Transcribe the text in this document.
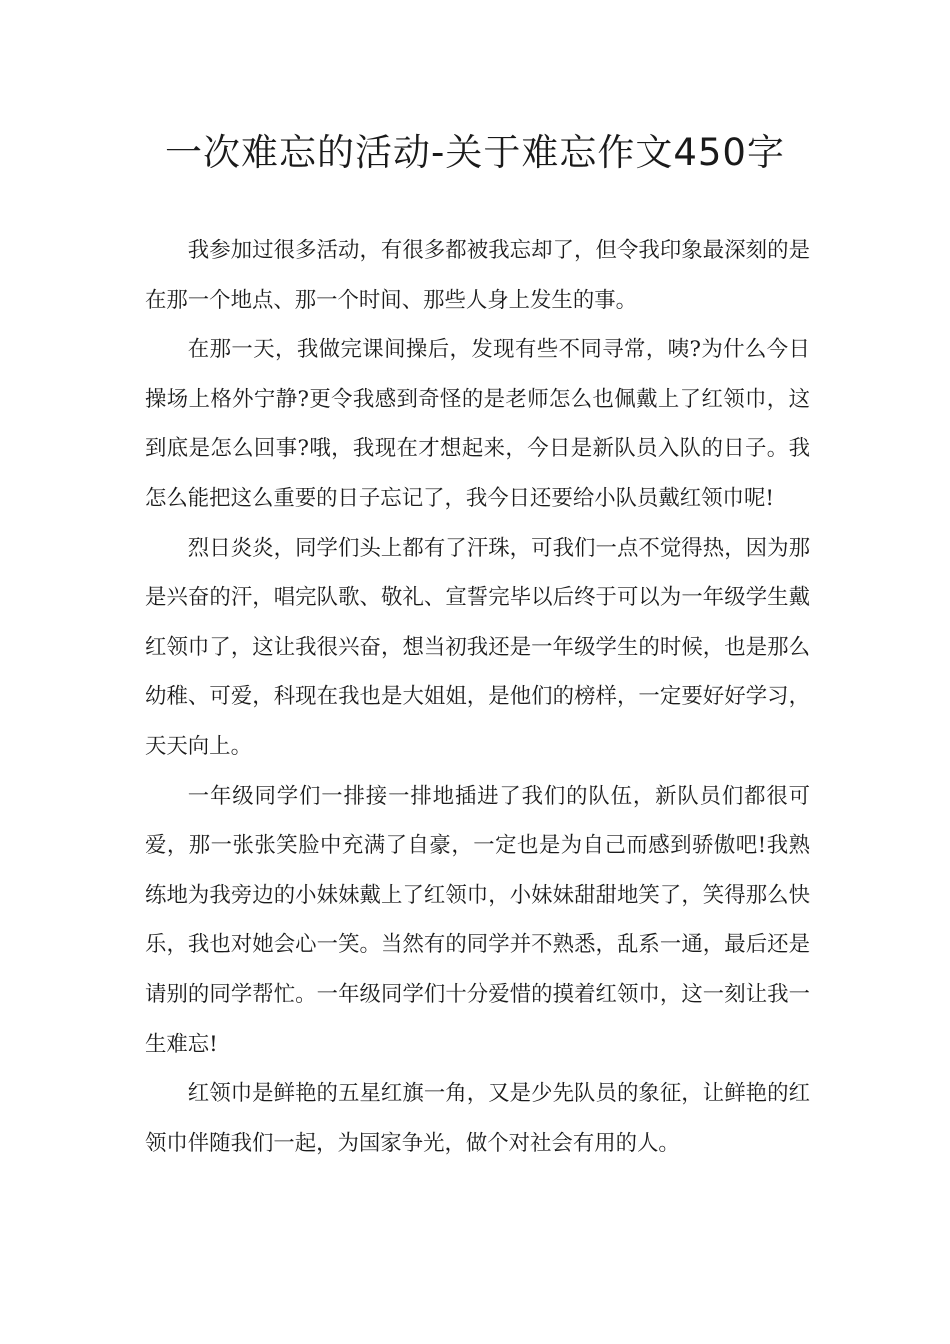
一次难忘的活动-关于难忘作文450字

我参加过很多活动，有很多都被我忘却了，但令我印象最深刻的是在那一个地点、那一个时间、那些人身上发生的事。

在那一天，我做完课间操后，发现有些不同寻常，咦?为什么今日操场上格外宁静?更令我感到奇怪的是老师怎么也佩戴上了红领巾，这到底是怎么回事?哦，我现在才想起来，今日是新队员入队的日子。我怎么能把这么重要的日子忘记了，我今日还要给小队员戴红领巾呢!

烈日炎炎，同学们头上都有了汗珠，可我们一点不觉得热，因为那是兴奋的汗，唱完队歌、敬礼、宣誓完毕以后终于可以为一年级学生戴红领巾了，这让我很兴奋，想当初我还是一年级学生的时候，也是那么幼稚、可爱，科现在我也是大姐姐，是他们的榜样，一定要好好学习，天天向上。

一年级同学们一排接一排地插进了我们的队伍，新队员们都很可爱，那一张张笑脸中充满了自豪，一定也是为自己而感到骄傲吧!我熟练地为我旁边的小妹妹戴上了红领巾，小妹妹甜甜地笑了，笑得那么快乐，我也对她会心一笑。当然有的同学并不熟悉，乱系一通，最后还是请别的同学帮忙。一年级同学们十分爱惜的摸着红领巾，这一刻让我一生难忘!

红领巾是鲜艳的五星红旗一角，又是少先队员的象征，让鲜艳的红领巾伴随我们一起，为国家争光，做个对社会有用的人。
